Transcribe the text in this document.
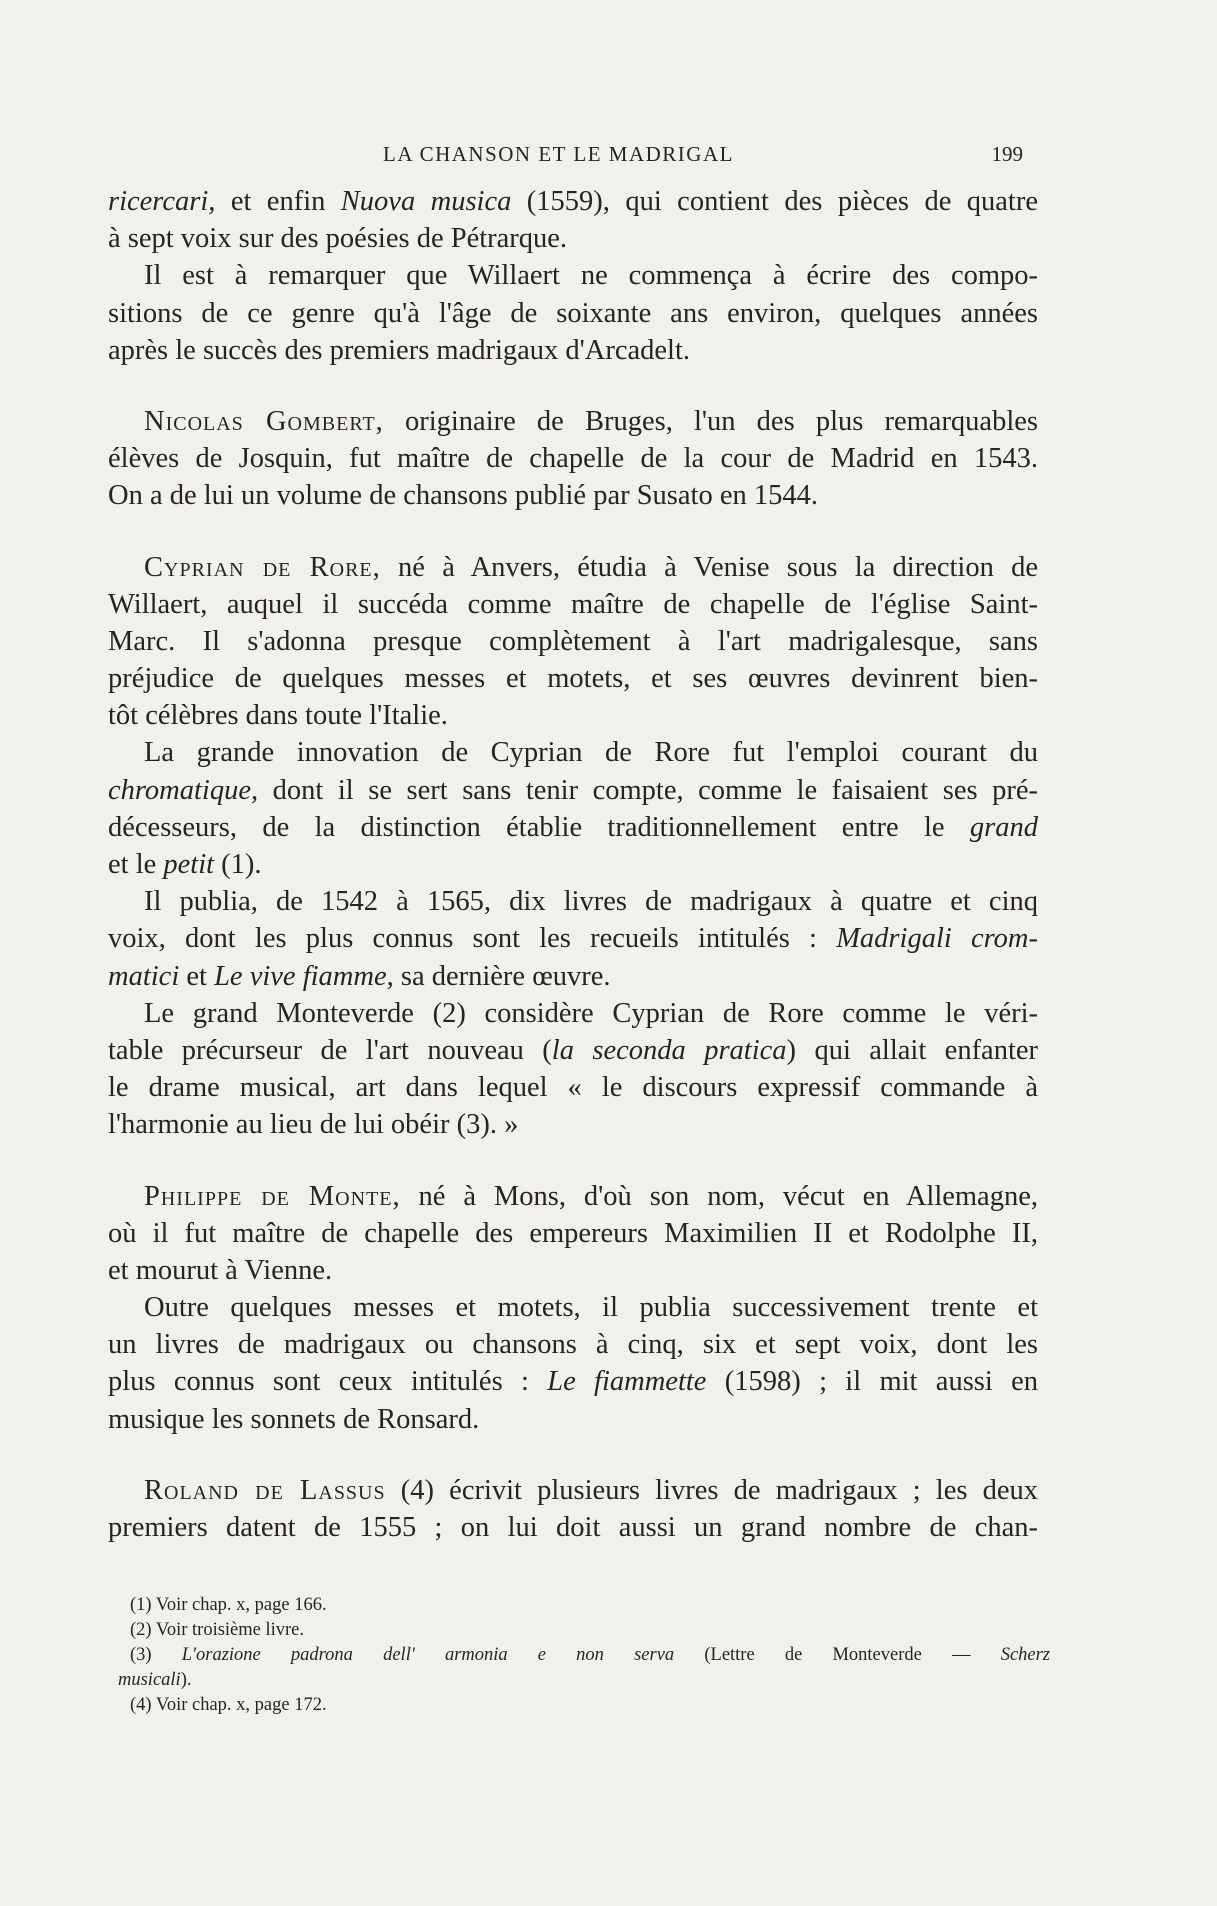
LA CHANSON ET LE MADRIGAL	199
ricercari, et enfin Nuova musica (1559), qui contient des pièces de quatre
à sept voix sur des poésies de Pétrarque.
Il est à remarquer que Willaert ne commença à écrire des compo-
sitions de ce genre qu'à l'âge de soixante ans environ, quelques années
après le succès des premiers madrigaux d'Arcadelt.
Nicolas Gombert, originaire de Bruges, l'un des plus remarquables
élèves de Josquin, fut maître de chapelle de la cour de Madrid en 1543.
On a de lui un volume de chansons publié par Susato en 1544.
Cyprian de Rore, né à Anvers, étudia à Venise sous la direction de
Willaert, auquel il succéda comme maître de chapelle de l'église Saint-
Marc. Il s'adonna presque complètement à l'art madrigalesque, sans
préjudice de quelques messes et motets, et ses œuvres devinrent bien-
tôt célèbres dans toute l'Italie.
La grande innovation de Cyprian de Rore fut l'emploi courant du
chromatique, dont il se sert sans tenir compte, comme le faisaient ses pré-
décesseurs, de la distinction établie traditionnellement entre le grand
et le petit (1).
Il publia, de 1542 à 1565, dix livres de madrigaux à quatre et cinq
voix, dont les plus connus sont les recueils intitulés : Madrigali crom-
matici et Le vive fiamme, sa dernière œuvre.
Le grand Monteverde (2) considère Cyprian de Rore comme le véri-
table précurseur de l'art nouveau (la seconda pratica) qui allait enfanter
le drame musical, art dans lequel « le discours expressif commande à
l'harmonie au lieu de lui obéir (3). »
Philippe de Monte, né à Mons, d'où son nom, vécut en Allemagne,
où il fut maître de chapelle des empereurs Maximilien II et Rodolphe II,
et mourut à Vienne.
Outre quelques messes et motets, il publia successivement trente et
un livres de madrigaux ou chansons à cinq, six et sept voix, dont les
plus connus sont ceux intitulés : Le fiammette (1598) ; il mit aussi en
musique les sonnets de Ronsard.
Roland de Lassus (4) écrivit plusieurs livres de madrigaux ; les deux
premiers datent de 1555 ; on lui doit aussi un grand nombre de chan-
(1) Voir chap. x, page 166.
(2) Voir troisième livre.
(3) L'orazione padrona dell' armonia e non serva (Lettre de Monteverde — Scherz
musicali).
(4) Voir chap. x, page 172.
